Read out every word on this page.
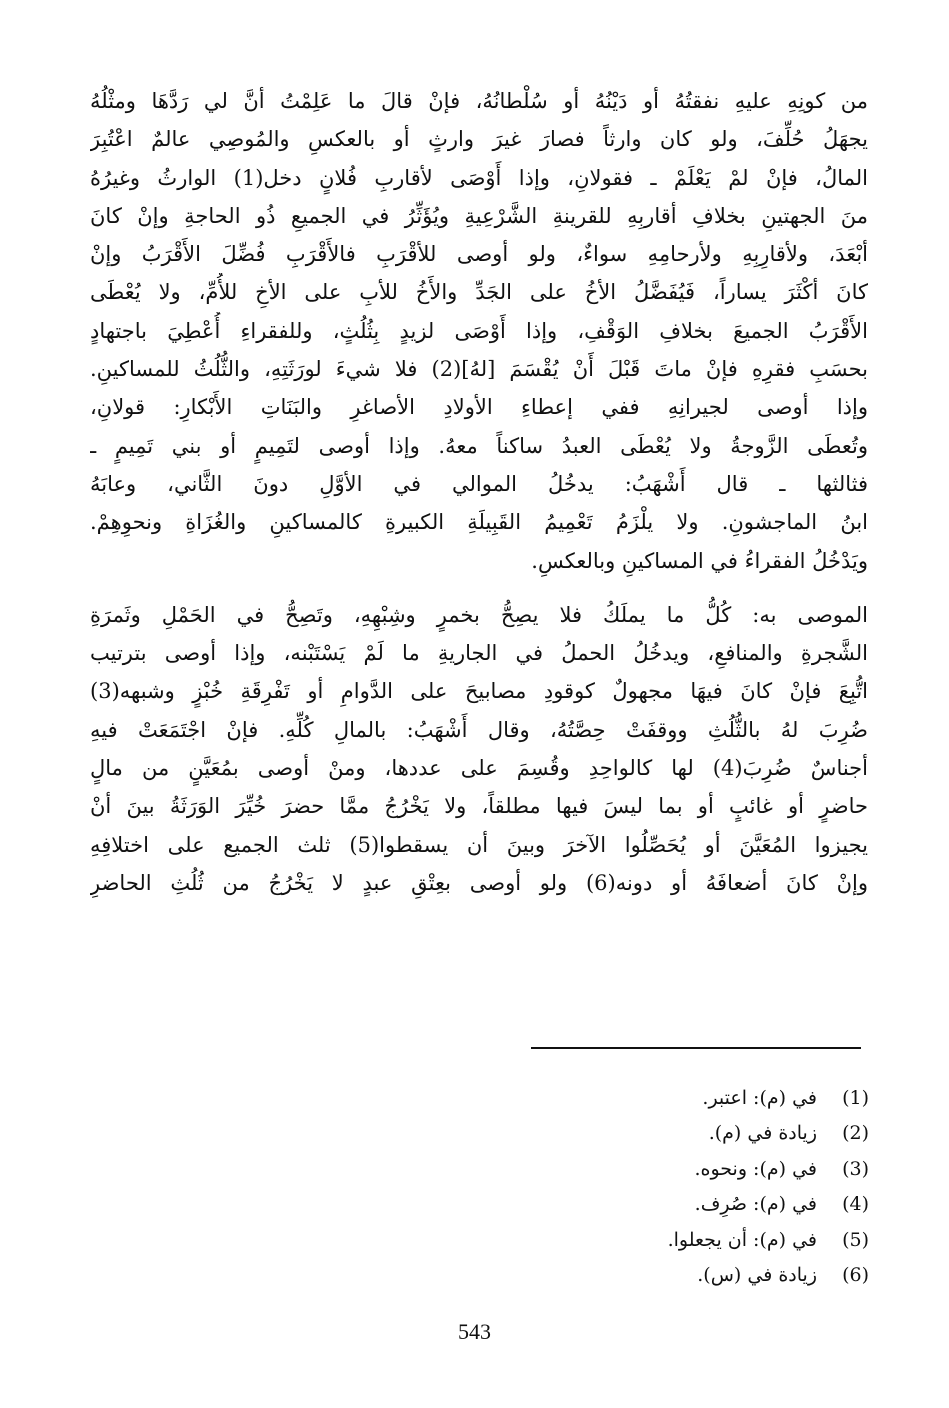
من كونِهِ عليهِ نفقتُهُ أو دَيْنُهُ أو سُلْطانُهُ، فإنْ قالَ ما عَلِمْتُ أنَّ لي رَدَّهَا ومثْلُهُ
يجهَلُ حُلِّفَ، ولو كان وارثاً فصارَ غيرَ وارثٍ أو بالعكسِ والمُوصِي عالمٌ اعْتُبِرَ
المالُ، فإنْ لمْ يَعْلَمْ ـ فقولانِ، وإذا أَوْصَى لأقاربِ فُلانٍ دخل(1) الوارثُ وغيرُهُ
منَ الجهتينِ بخلافِ أقاربِهِ للقرينةِ الشَّرْعِيةِ ويُؤَثِّرُ في الجميعِ ذُو الحاجةِ وإنْ كانَ
أبْعَدَ، ولأقارِبِهِ ولأرحامِهِ سواءٌ، ولو أوصى للأقْرَبِ فالأَقْرَبِ فُضِّلَ الأَقْرَبُ وإنْ
كانَ أكْثَرَ يساراً، فَيُفَضَّلُ الأخُ على الجَدِّ والأَخُ للأبِ على الأخِ للأُمِّ، ولا يُعْطَى
الأَقْرَبُ الجميعَ بخلافِ الوَقْفِ، وإذا أَوْصَى لزيدٍ بِثُلُثٍ، وللفقراءِ أُعْطِيَ باجتهادٍ
بحسَبِ فقرِهِ فإنْ ماتَ قَبْلَ أَنْ يُقْسَمَ [لهُ](2) فلا شيءَ لورَثَتِهِ، والثُّلُثُ للمساكينِ.
وإذا أوصى لجيرانِهِ ففي إعطاءِ الأولادِ الأصاغرِ والبَنَاتِ الأَبْكارِ: قولانِ،
وتُعطَى الزَّوجةُ ولا يُعْطَى العبدُ ساكناً معهُ. وإذا أوصى لتَمِيمٍ أو بني تَمِيمٍ ـ
فثالثها ـ قال أَشْهَبُ: يدخُلُ الموالي في الأوَّلِ دونَ الثَّاني، وعابَهُ
ابنُ الماجشونِ. ولا يلْزَمُ تَعْمِيمُ القَبِيلَةِ الكبيرةِ كالمساكينِ والغُزَاةِ ونحوِهِمْ.
ويَدْخُلُ الفقراءُ في المساكينِ وبالعكسِ.
الموصى به: كُلُّ ما يملَكُ فلا يصِحُّ بخمرٍ وشِبْهِهِ، وتَصِحُّ في الحَمْلِ وثَمرَةِ
الشَّجرةِ والمنافعِ، ويدخُلُ الحملُ في الجاريةِ ما لَمْ يَسْتَبْنه، وإذا أوصى بترتيب
اتُّبِعَ فإنْ كانَ فيهَا مجهولٌ كوقودِ مصابيحَ على الدَّوامِ أو تَفْرِقَةِ خُبْزٍ وشبهه(3)
ضُرِبَ لهُ بالثُّلُثِ ووقفَتْ حِصَّتُهُ، وقال أَشْهَبُ: بالمالِ كُلِّهِ. فإنْ اجْتَمَعَتْ فيهِ
أجناسٌ ضُرِبَ(4) لها كالواحِدِ وقُسِمَ على عددها، ومنْ أوصى بمُعَيَّنٍ من مالٍ
حاضرٍ أو غائبٍ أو بما ليسَ فيها مطلقاً، ولا يَخْرُجُ ممَّا حضرَ خُيِّرَ الوَرَثَةُ بينَ أنْ
يجيزوا المُعَيَّنَ أو يُحَصِّلُوا الآخرَ وبينَ أن يسقطوا(5) ثلث الجميع على اختلافِهِ
وإنْ كانَ أضعافَهُ أو دونه(6) ولو أوصى بعِتْقِ عبدٍ لا يَخْرُجُ من ثُلُثِ الحاضرِ
(1)
في (م): اعتبر.
(2)
زيادة في (م).
(3)
في (م): ونحوه.
(4)
في (م): صُرِف.
(5)
في (م): أن يجعلوا.
(6)
زيادة في (س).
543
